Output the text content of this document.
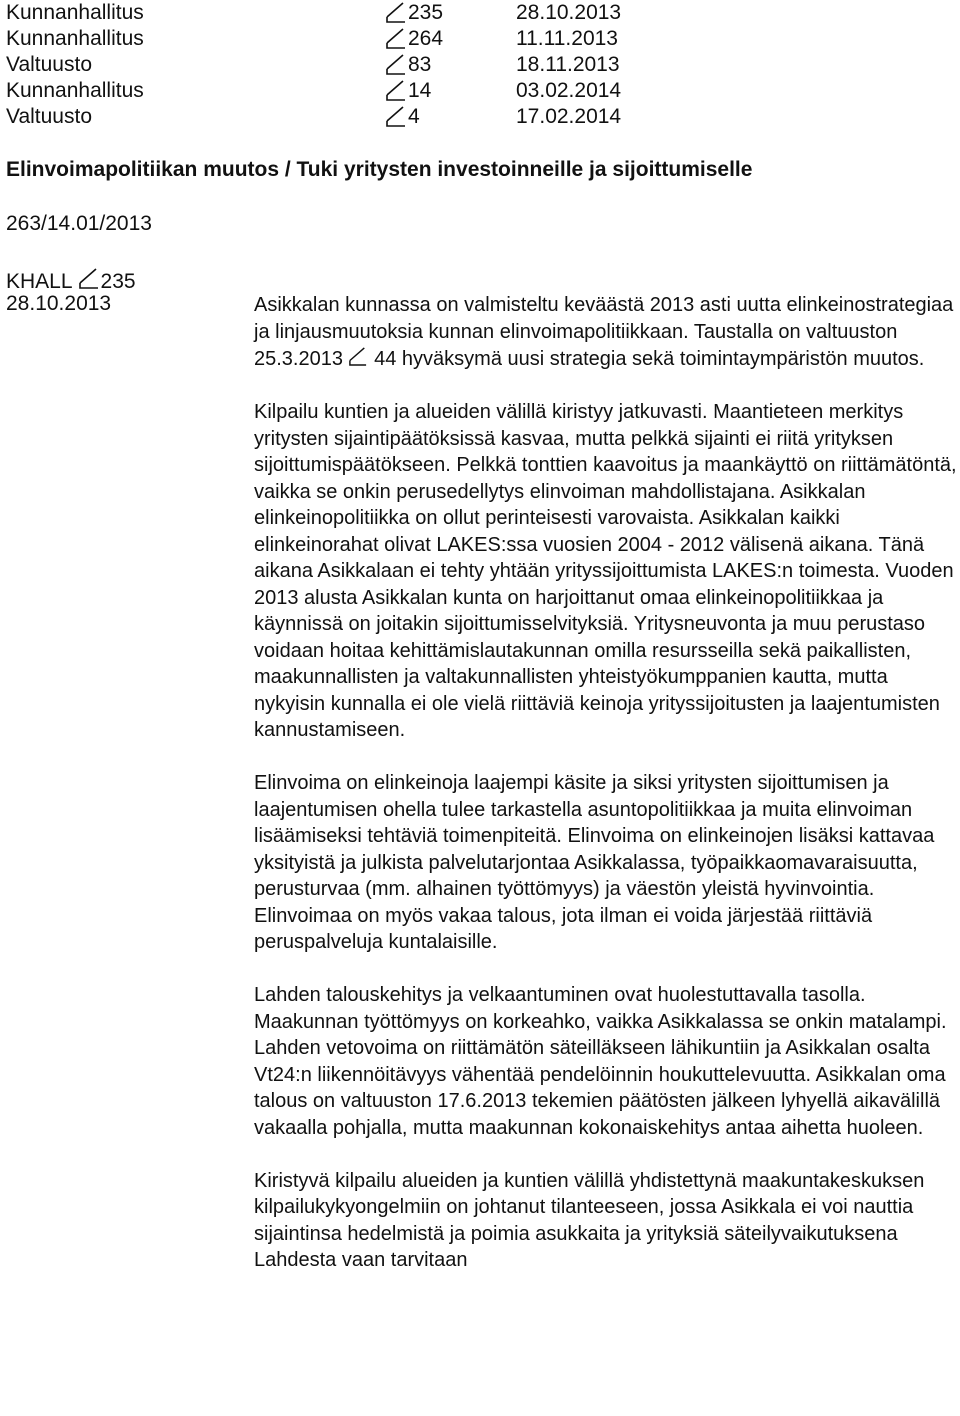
Kunnanhallitus	235	28.10.2013
Kunnanhallitus	264	11.11.2013
Valtuusto	83	18.11.2013
Kunnanhallitus	14	03.02.2014
Valtuusto	4	17.02.2014
Elinvoimapolitiikan muutos / Tuki yritysten investoinneille ja sijoittumiselle
263/14.01/2013
KHALL 235
28.10.2013	Asikkalan kunnassa on valmisteltu keväästä 2013 asti uutta elinkeinostrategiaa ja linjausmuutoksia kunnan elinvoimapolitiikkaan. Taustalla on valtuuston 25.3.2013 44 hyväksymä uusi strategia sekä toimintaympäristön muutos.

Kilpailu kuntien ja alueiden välillä kiristyy jatkuvasti. Maantieteen merkitys yritysten sijaintipäätöksissä kasvaa, mutta pelkkä sijainti ei riitä yrityksen sijoittumispäätökseen. Pelkkä tonttien kaavoitus ja maankäyttö on riittämätöntä, vaikka se onkin perusedellytys elinvoiman mahdollistajana. Asikkalan elinkeinopolitiikka on ollut perinteisesti varovaista. Asikkalan kaikki elinkeinorahat olivat LAKES:ssa vuosien 2004 - 2012 välisenä aikana. Tänä aikana Asikkalaan ei tehty yhtään yrityssijoittumista LAKES:n toimesta. Vuoden 2013 alusta Asikkalan kunta on harjoittanut omaa elinkeinopolitiikkaa ja käynnissä on joitakin sijoittumisselvityksiä. Yritysneuvonta ja muu perustaso voidaan hoitaa kehittämislautakunnan omilla resursseilla sekä paikallisten, maakunnallisten ja valtakunnallisten yhteistyökumppanien kautta, mutta nykyisin kunnalla ei ole vielä riittäviä keinoja yrityssijoitusten ja laajentumisten kannustamiseen.

Elinvoima on elinkeinoja laajempi käsite ja siksi yritysten sijoittumisen ja laajentumisen ohella tulee tarkastella asuntopolitiikkaa ja muita elinvoiman lisäämiseksi tehtäviä toimenpiteitä. Elinvoima on elinkeinojen lisäksi kattavaa yksityistä ja julkista palvelutarjontaa Asikkalassa, työpaikkaomavaraisuutta, perusturvaa (mm. alhainen työttömyys) ja väestön yleistä hyvinvointia. Elinvoimaa on myös vakaa talous, jota ilman ei voida järjestää riittäviä peruspalveluja kuntalaisille.

Lahden talouskehitys ja velkaantuminen ovat huolestuttavalla tasolla. Maakunnan työttömyys on korkeahko, vaikka Asikkalassa se onkin matalampi. Lahden vetovoima on riittämätön säteilläkseen lähikuntiin ja Asikkalan osalta Vt24:n liikennöitävyys vähentää pendelöinnin houkuttelevuutta. Asikkalan oma talous on valtuuston 17.6.2013 tekemien päätösten jälkeen lyhyellä aikavälillä vakaalla pohjalla, mutta maakunnan kokonaiskehitys antaa aihetta huoleen.

Kiristyvä kilpailu alueiden ja kuntien välillä yhdistettynä maakuntakeskuksen kilpailukykyongelmiin on johtanut tilanteeseen, jossa Asikkala ei voi nauttia sijaintinsa hedelmistä ja poimia asukkaita ja yrityksiä säteilyvaikutuksena Lahdesta vaan tarvitaan
